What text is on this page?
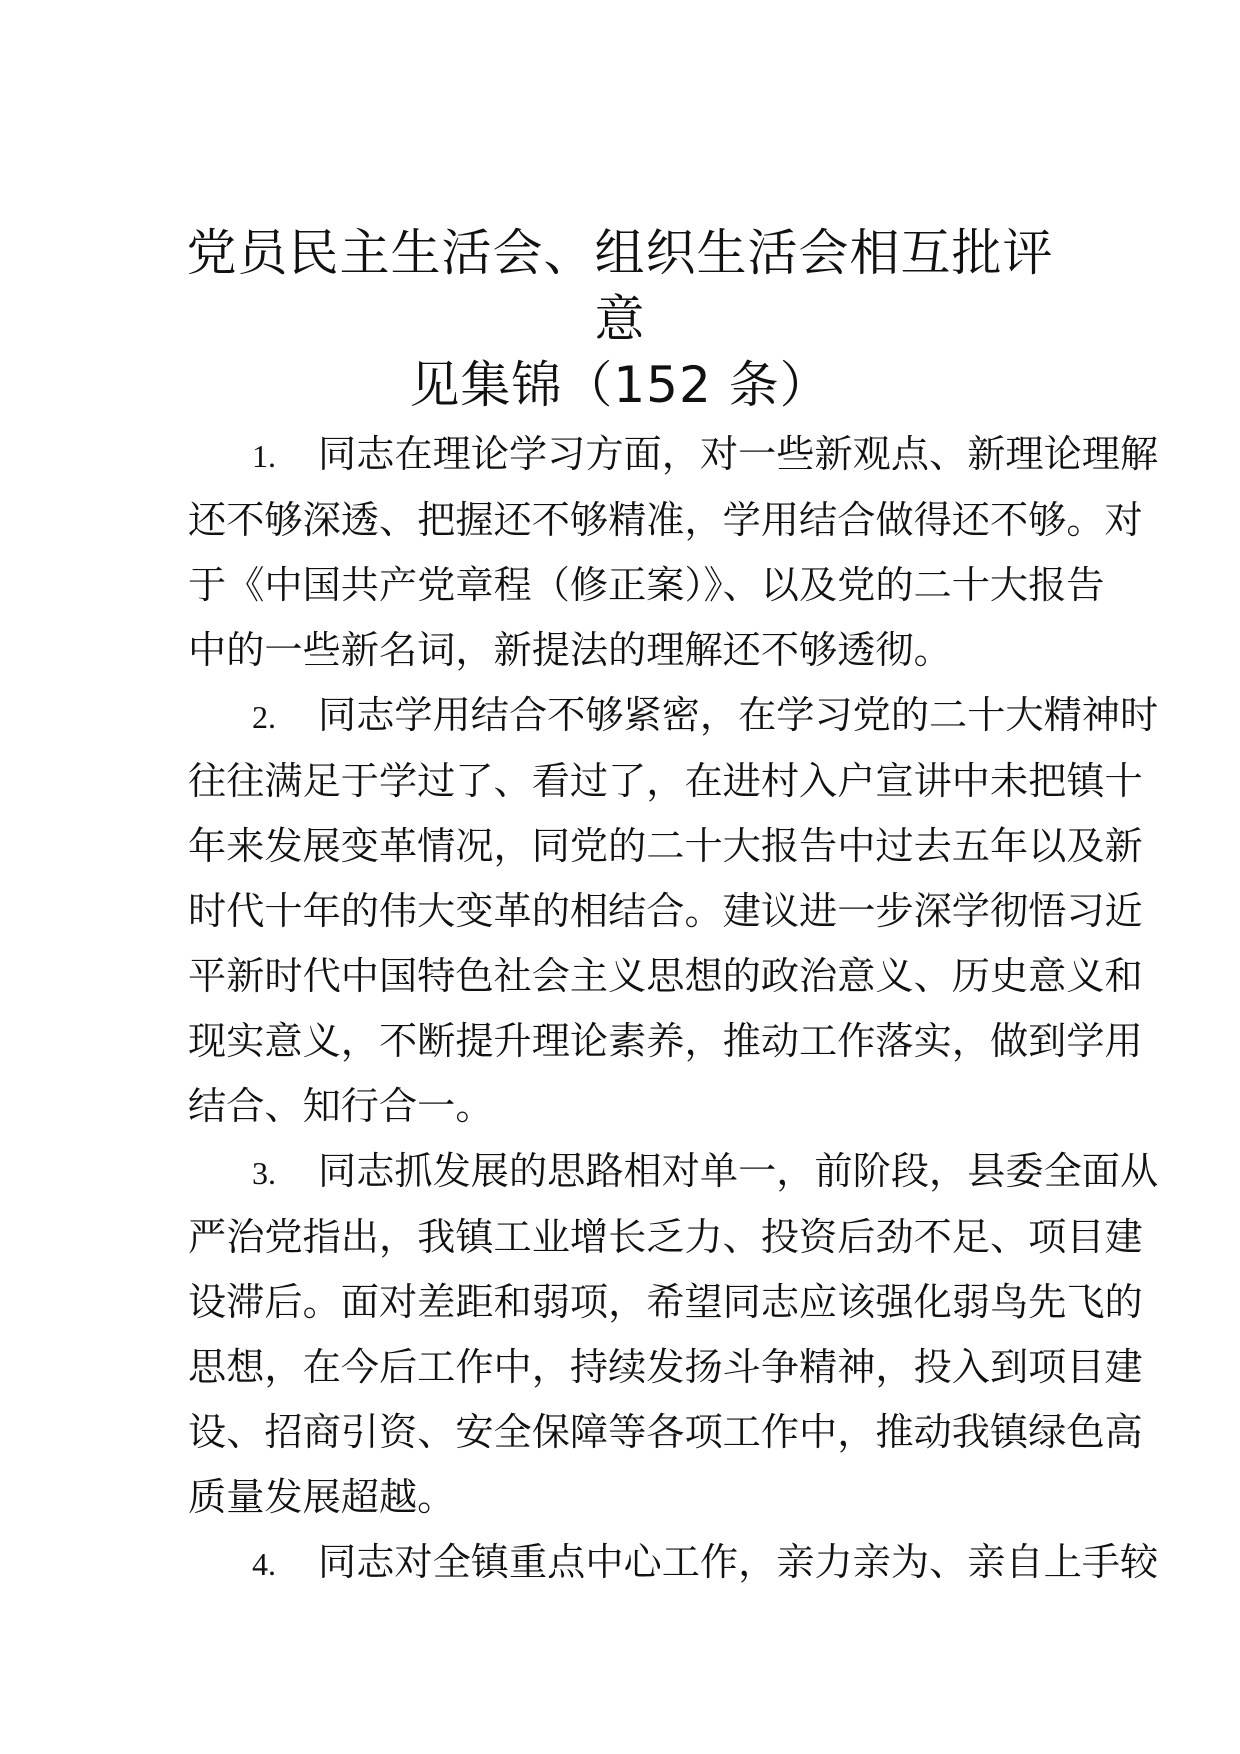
党员民主生活会、组织生活会相互批评意
见集锦（152 条）

1. 同志在理论学习方面，对一些新观点、新理论理解
还不够深透、把握还不够精准，学用结合做得还不够。对
于《中国共产党章程（修正案）》、以及党的二十大报告
中的一些新名词，新提法的理解还不够透彻。

2. 同志学用结合不够紧密，在学习党的二十大精神时
往往满足于学过了、看过了，在进村入户宣讲中未把镇十
年来发展变革情况，同党的二十大报告中过去五年以及新
时代十年的伟大变革的相结合。建议进一步深学彻悟习近
平新时代中国特色社会主义思想的政治意义、历史意义和
现实意义，不断提升理论素养，推动工作落实，做到学用
结合、知行合一。

3. 同志抓发展的思路相对单一，前阶段，县委全面从
严治党指出，我镇工业增长乏力、投资后劲不足、项目建
设滞后。面对差距和弱项，希望同志应该强化弱鸟先飞的
思想，在今后工作中，持续发扬斗争精神，投入到项目建
设、招商引资、安全保障等各项工作中，推动我镇绿色高
质量发展超越。

4. 同志对全镇重点中心工作，亲力亲为、亲自上手较
